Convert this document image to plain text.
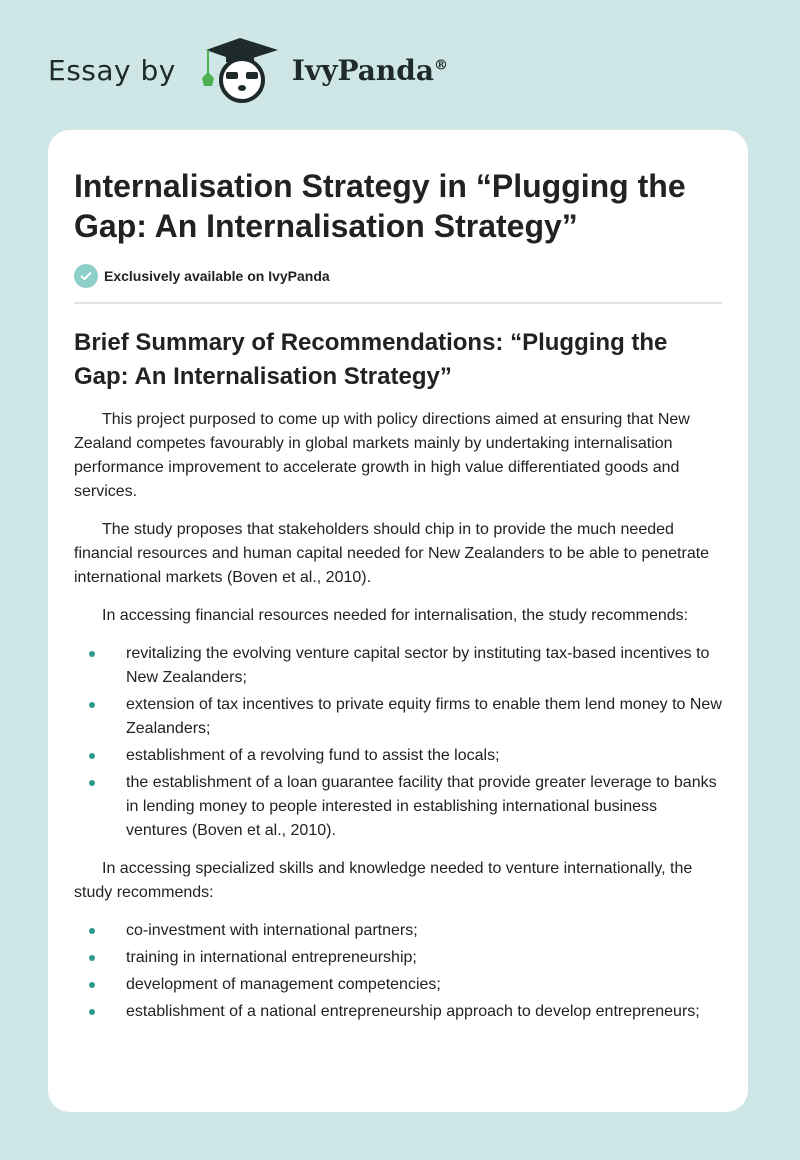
Essay by	IvyPanda®
Internalisation Strategy in “Plugging the Gap: An Internalisation Strategy”
Exclusively available on IvyPanda
Brief Summary of Recommendations: “Plugging the Gap: An Internalisation Strategy”

This project purposed to come up with policy directions aimed at ensuring that New Zealand competes favourably in global markets mainly by undertaking internalisation performance improvement to accelerate growth in high value differentiated goods and services.

The study proposes that stakeholders should chip in to provide the much needed financial resources and human capital needed for New Zealanders to be able to penetrate international markets (Boven et al., 2010).

In accessing financial resources needed for internalisation, the study recommends:

revitalizing the evolving venture capital sector by instituting tax-based incentives to New Zealanders;
extension of tax incentives to private equity firms to enable them lend money to New Zealanders;
establishment of a revolving fund to assist the locals;
the establishment of a loan guarantee facility that provide greater leverage to banks in lending money to people interested in establishing international business ventures (Boven et al., 2010).

In accessing specialized skills and knowledge needed to venture internationally, the study recommends:

co-investment with international partners;
training in international entrepreneurship;
development of management competencies;
establishment of a national entrepreneurship approach to develop entrepreneurs;
